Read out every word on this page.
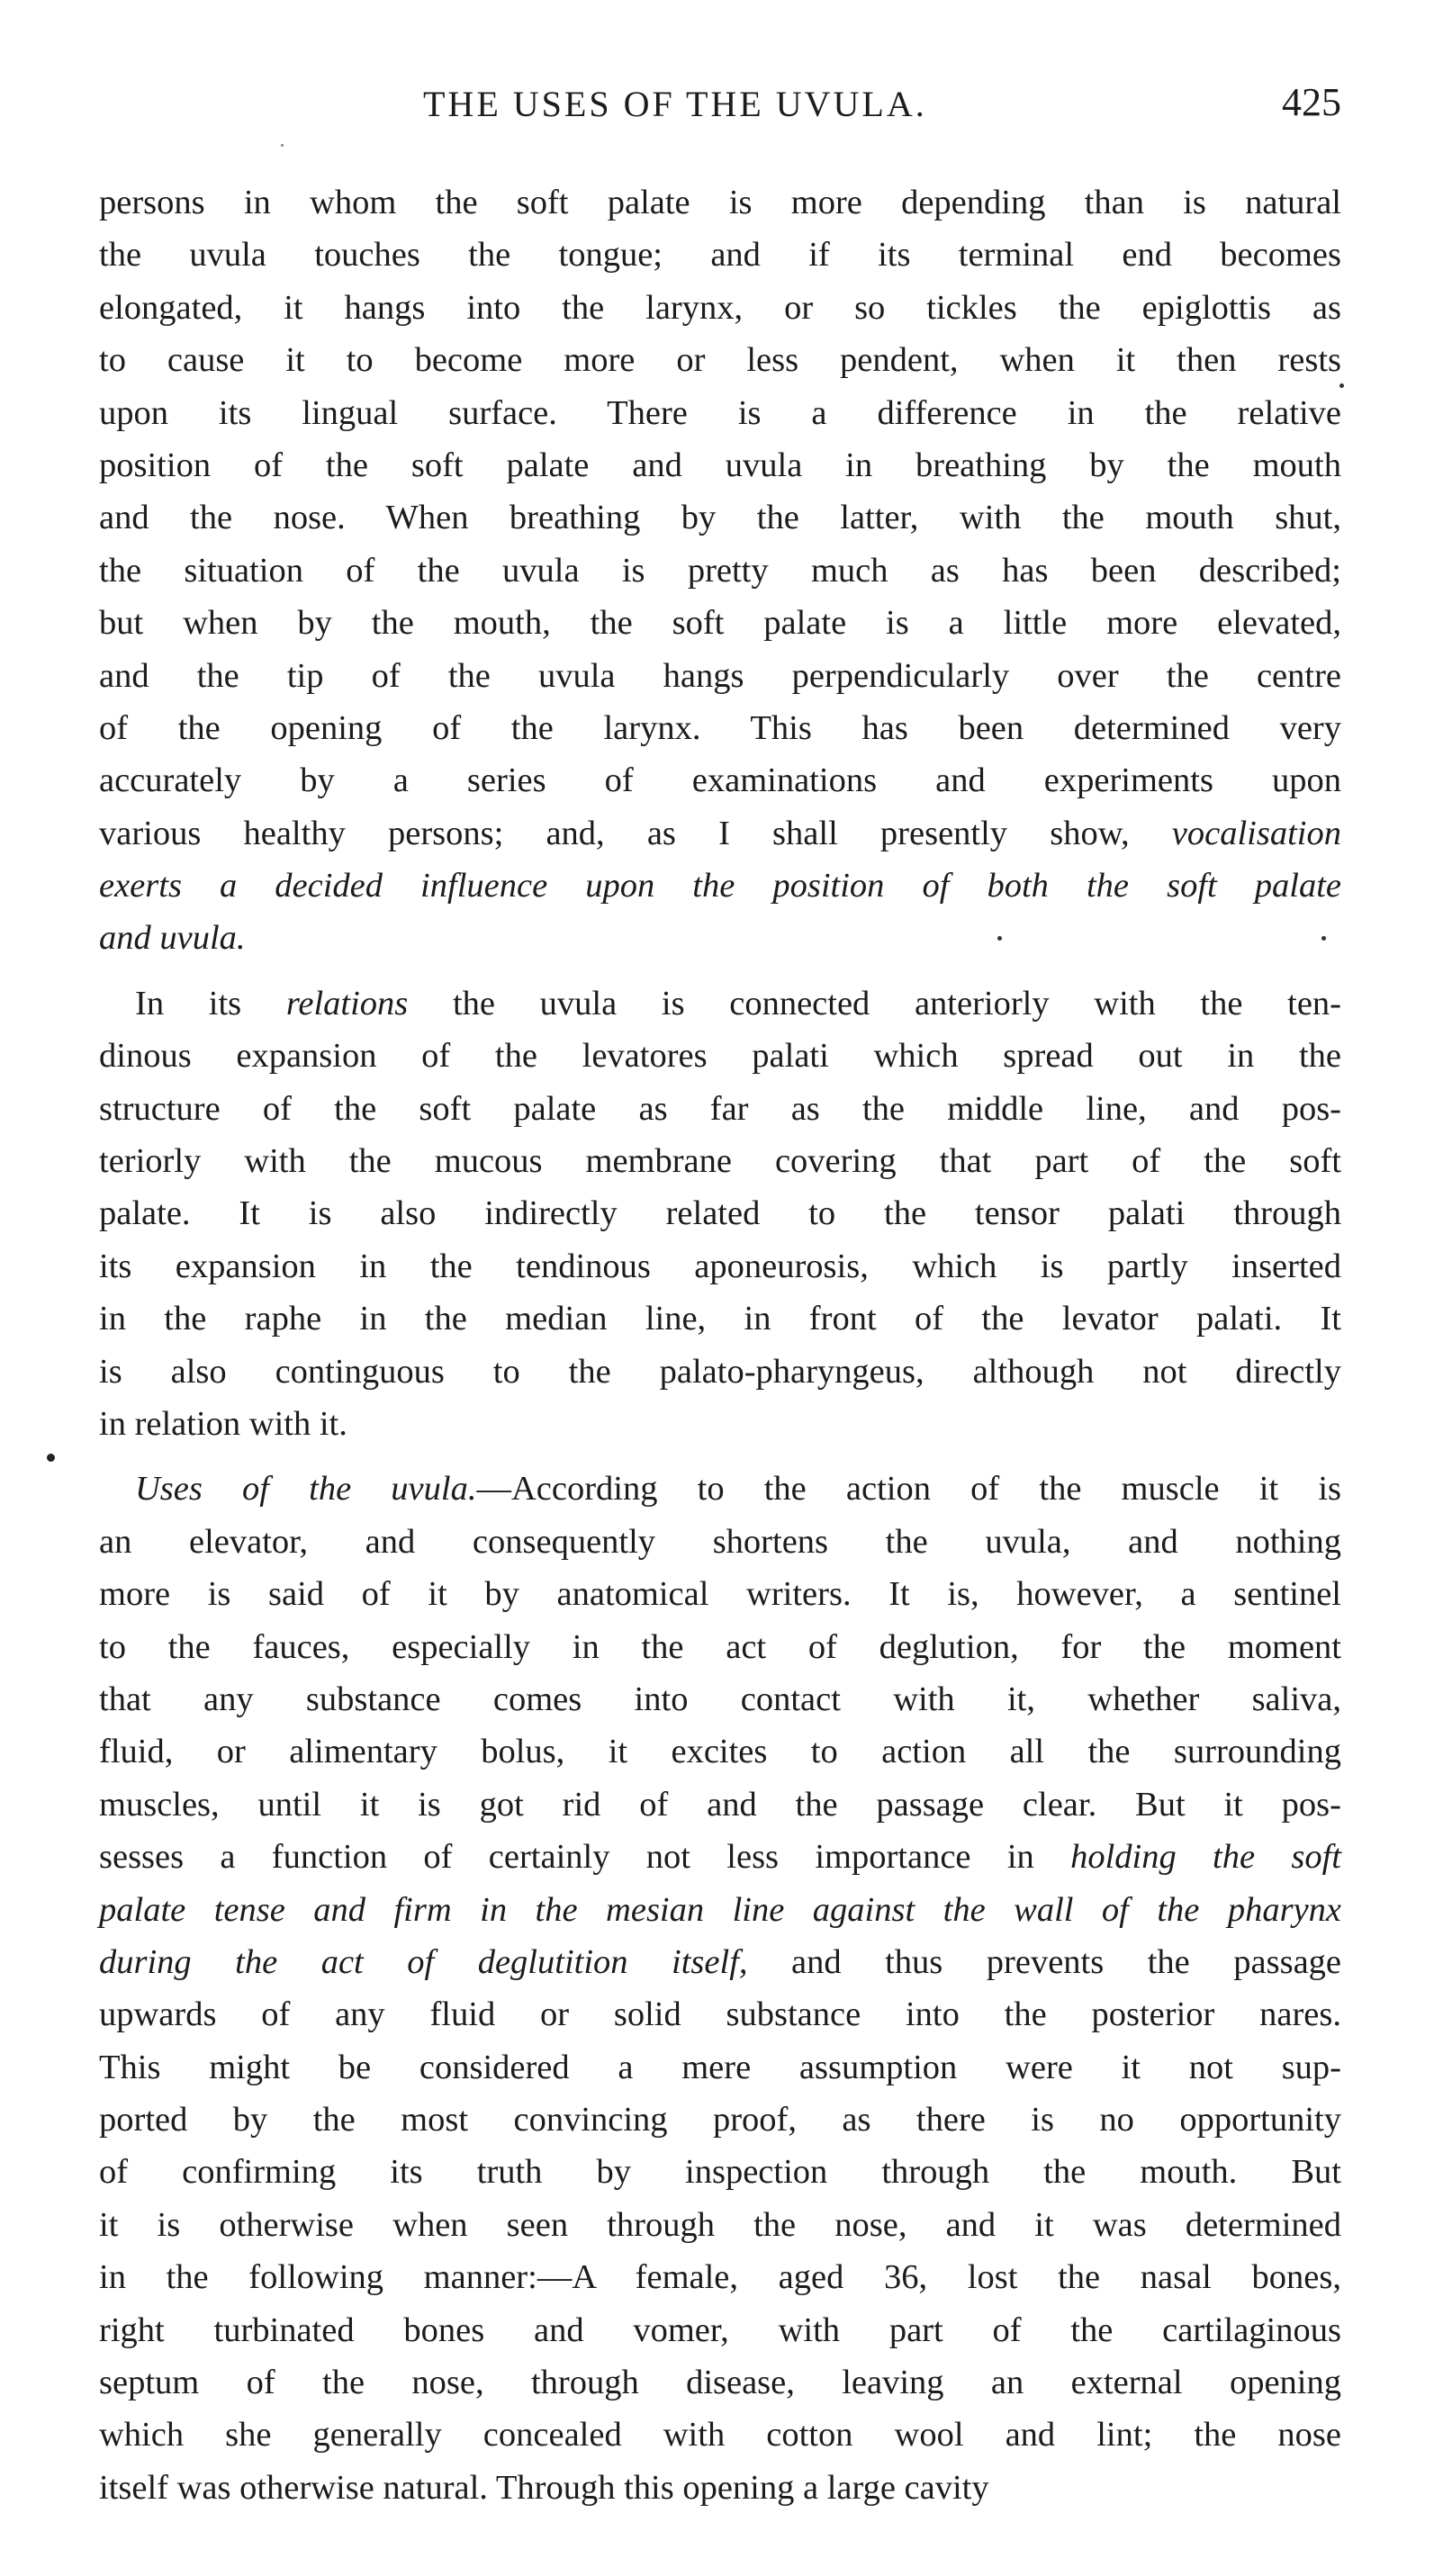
THE USES OF THE UVULA.	425
persons in whom the soft palate is more depending than is natural
the uvula touches the tongue; and if its terminal end becomes
elongated, it hangs into the larynx, or so tickles the epiglottis as
to cause it to become more or less pendent, when it then rests
upon its lingual surface. There is a difference in the relative
position of the soft palate and uvula in breathing by the mouth
and the nose. When breathing by the latter, with the mouth shut,
the situation of the uvula is pretty much as has been described;
but when by the mouth, the soft palate is a little more elevated,
and the tip of the uvula hangs perpendicularly over the centre
of the opening of the larynx. This has been determined very
accurately by a series of examinations and experiments upon
various healthy persons; and, as I shall presently show, vocalisation
exerts a decided influence upon the position of both the soft palate
and uvula.
In its relations the uvula is connected anteriorly with the ten-
dinous expansion of the levatores palati which spread out in the
structure of the soft palate as far as the middle line, and pos-
teriorly with the mucous membrane covering that part of the soft
palate. It is also indirectly related to the tensor palati through
its expansion in the tendinous aponeurosis, which is partly inserted
in the raphe in the median line, in front of the levator palati. It
is also continguous to the palato-pharyngeus, although not directly
in relation with it.
Uses of the uvula.—According to the action of the muscle it is
an elevator, and consequently shortens the uvula, and nothing
more is said of it by anatomical writers. It is, however, a sentinel
to the fauces, especially in the act of deglution, for the moment
that any substance comes into contact with it, whether saliva,
fluid, or alimentary bolus, it excites to action all the surrounding
muscles, until it is got rid of and the passage clear. But it pos-
sesses a function of certainly not less importance in holding the soft
palate tense and firm in the mesian line against the wall of the pharynx
during the act of deglutition itself, and thus prevents the passage
upwards of any fluid or solid substance into the posterior nares.
This might be considered a mere assumption were it not sup-
ported by the most convincing proof, as there is no opportunity
of confirming its truth by inspection through the mouth. But
it is otherwise when seen through the nose, and it was determined
in the following manner:—A female, aged 36, lost the nasal bones,
right turbinated bones and vomer, with part of the cartilaginous
septum of the nose, through disease, leaving an external opening
which she generally concealed with cotton wool and lint; the nose
itself was otherwise natural. Through this opening a large cavity
